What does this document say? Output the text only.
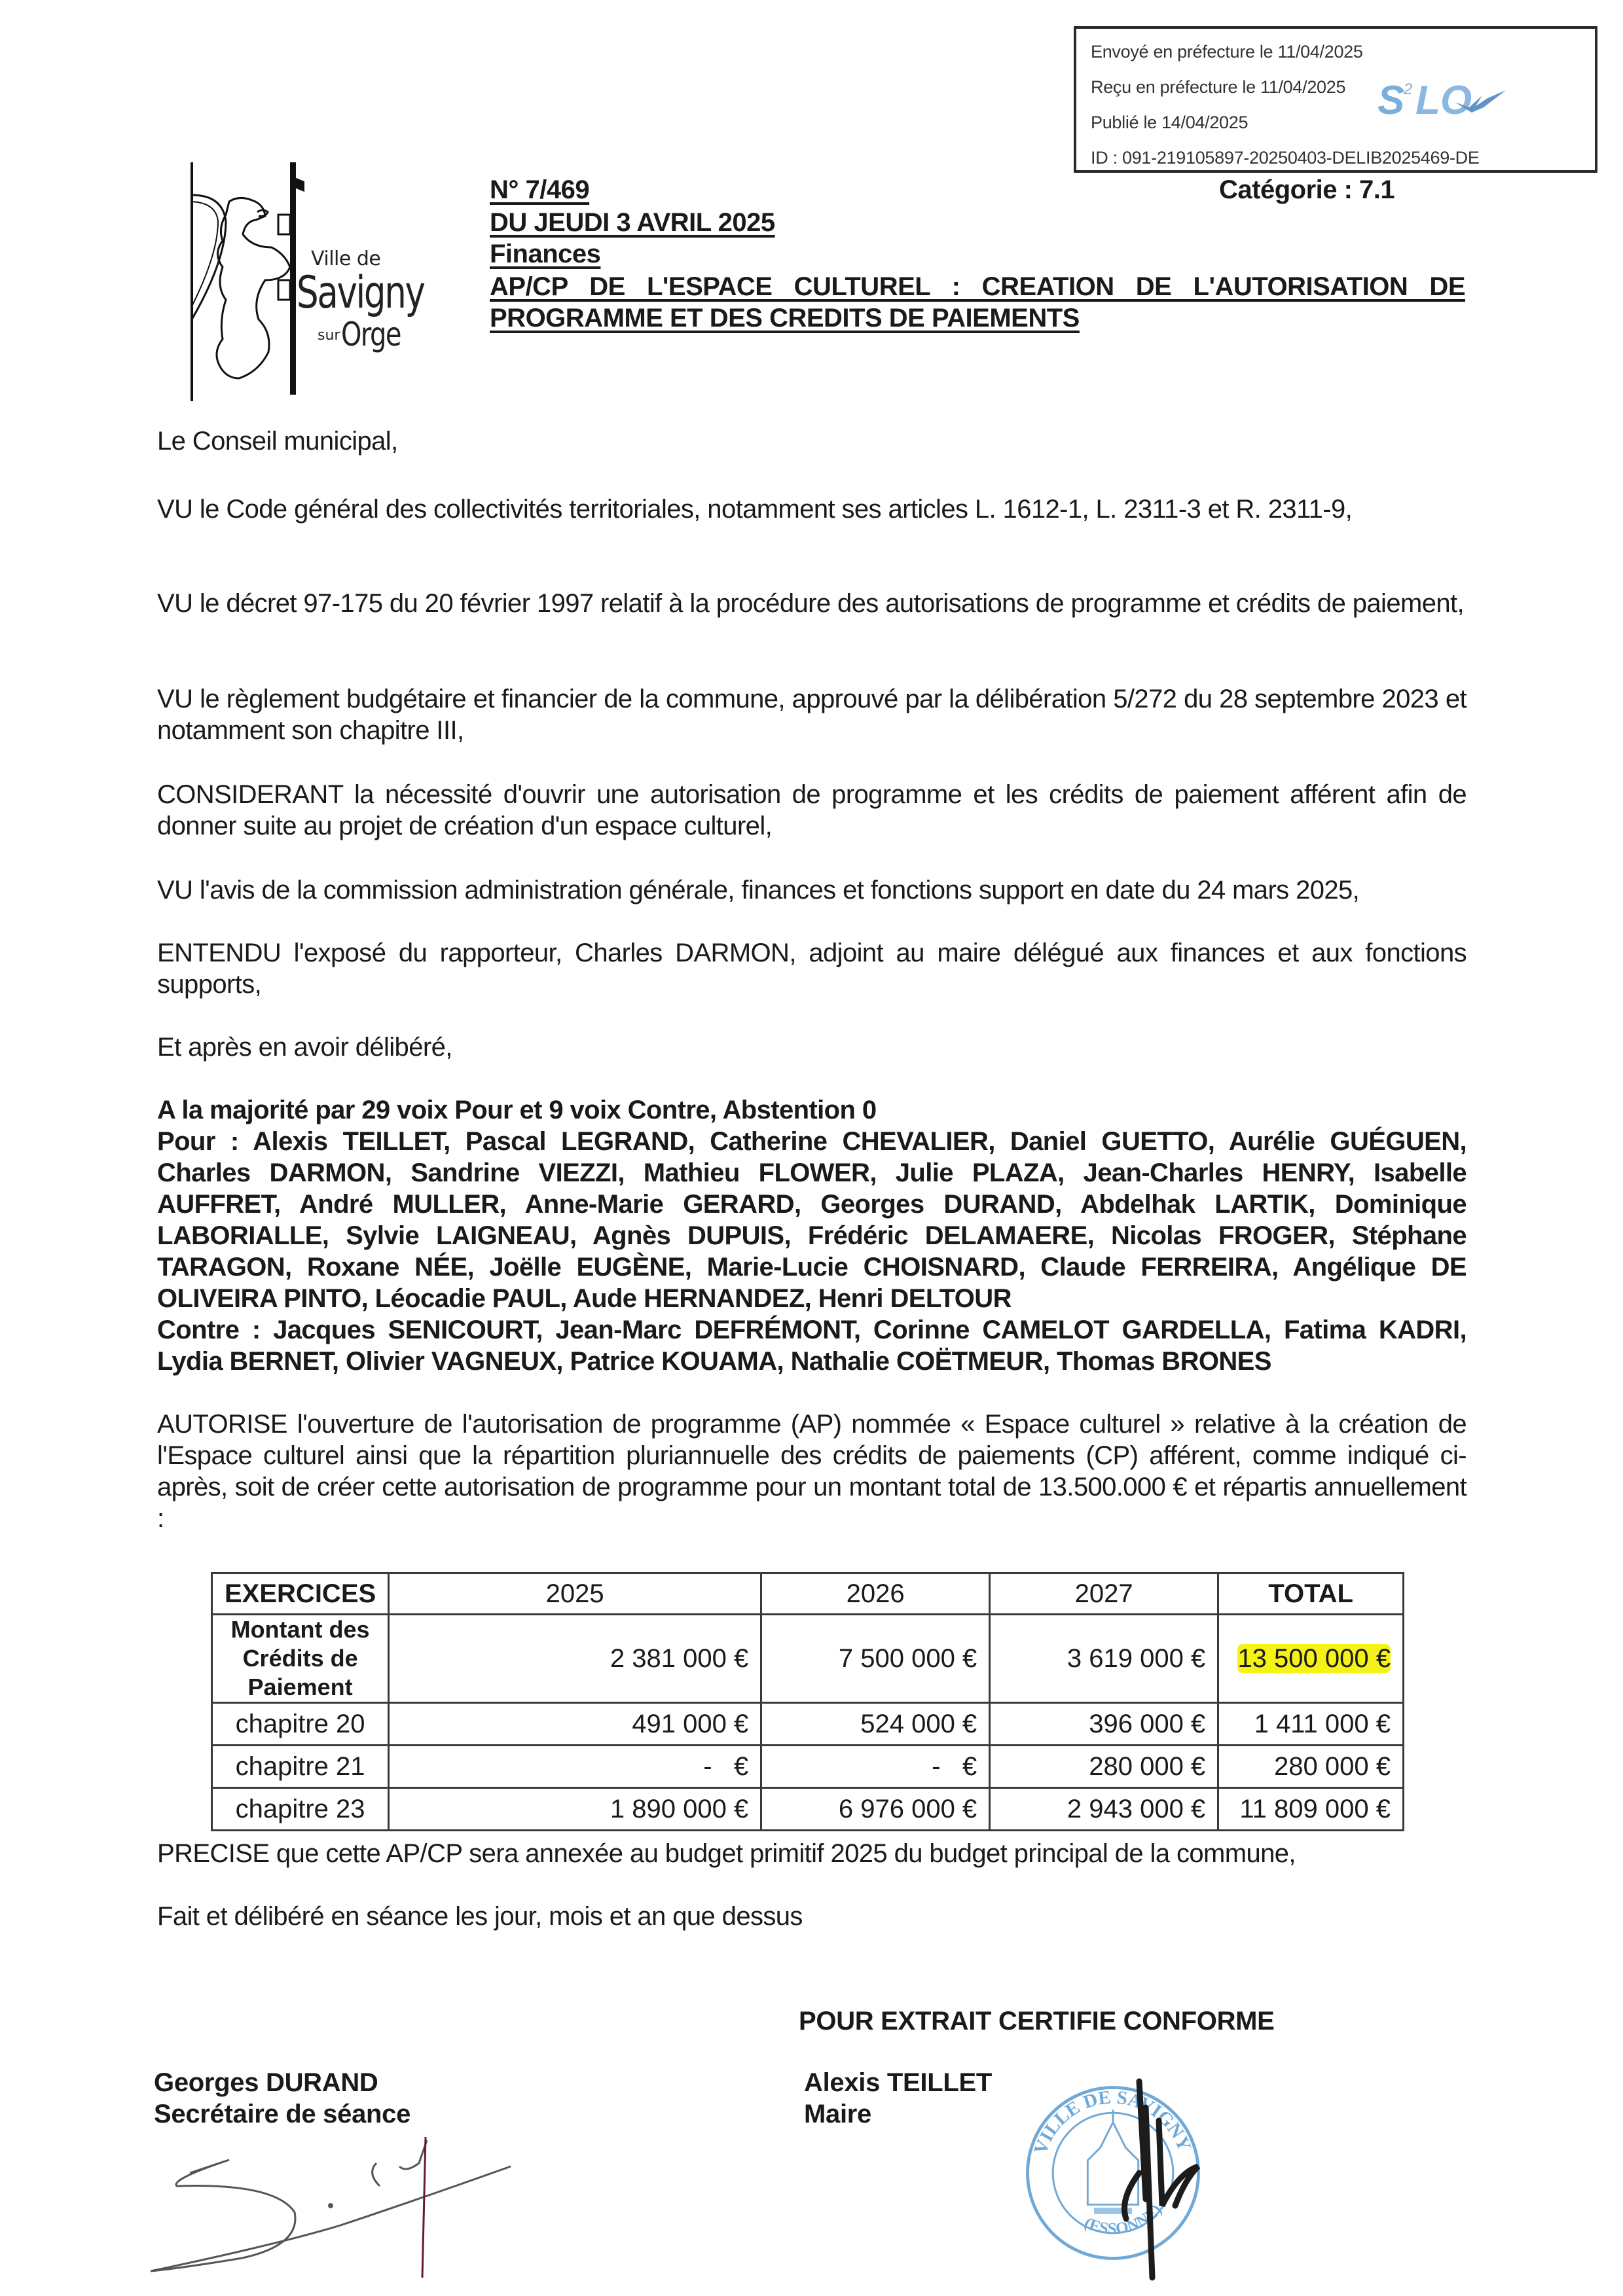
Envoyé en préfecture le 11/04/2025
Reçu en préfecture le 11/04/2025
Publié le 14/04/2025
ID : 091-219105897-20250403-DELIB2025469-DE
S
2 LO
Ville de
Savigny
sur Orge
N° 7/469	Catégorie : 7.1
DU JEUDI 3 AVRIL 2025
Finances
AP/CP DE L'ESPACE CULTUREL : CREATION DE L'AUTORISATION DE PROGRAMME ET DES CREDITS DE PAIEMENTS
Le Conseil municipal,
VU le Code général des collectivités territoriales, notamment ses articles L. 1612-1, L. 2311-3 et R. 2311-9,
VU le décret 97-175 du 20 février 1997 relatif à la procédure des autorisations de programme et crédits de paiement,
VU le règlement budgétaire et financier de la commune, approuvé par la délibération 5/272 du 28 septembre 2023 et notamment son chapitre III,
CONSIDERANT la nécessité d'ouvrir une autorisation de programme et les crédits de paiement afférent afin de donner suite au projet de création d'un espace culturel,
VU l'avis de la commission administration générale, finances et fonctions support en date du 24 mars 2025,
ENTENDU l'exposé du rapporteur, Charles DARMON, adjoint au maire délégué aux finances et aux fonctions supports,
Et après en avoir délibéré,
A la majorité par 29 voix Pour et 9 voix Contre, Abstention 0
Pour : Alexis TEILLET, Pascal LEGRAND, Catherine CHEVALIER, Daniel GUETTO, Aurélie GUÉGUEN, Charles DARMON, Sandrine VIEZZI, Mathieu FLOWER, Julie PLAZA, Jean-Charles HENRY, Isabelle AUFFRET, André MULLER, Anne-Marie GERARD, Georges DURAND, Abdelhak LARTIK, Dominique LABORIALLE, Sylvie LAIGNEAU, Agnès DUPUIS, Frédéric DELAMAERE, Nicolas FROGER, Stéphane TARAGON, Roxane NÉE, Joëlle EUGÈNE, Marie-Lucie CHOISNARD, Claude FERREIRA, Angélique DE OLIVEIRA PINTO, Léocadie PAUL, Aude HERNANDEZ, Henri DELTOUR
Contre : Jacques SENICOURT, Jean-Marc DEFRÉMONT, Corinne CAMELOT GARDELLA, Fatima KADRI, Lydia BERNET, Olivier VAGNEUX, Patrice KOUAMA, Nathalie COËTMEUR, Thomas BRONES
AUTORISE l'ouverture de l'autorisation de programme (AP) nommée « Espace culturel » relative à la création de l'Espace culturel ainsi que la répartition pluriannuelle des crédits de paiements (CP) afférent, comme indiqué ci-après, soit de créer cette autorisation de programme pour un montant total de 13.500.000 € et répartis annuellement :
EXERCICES	2025	2026	2027	TOTAL
Montant des Crédits de Paiement	2 381 000 €	7 500 000 €	3 619 000 €	13 500 000 €
chapitre 20	491 000 €	524 000 €	396 000 €	1 411 000 €
chapitre 21	-   €	-   €	280 000 €	280 000 €
chapitre 23	1 890 000 €	6 976 000 €	2 943 000 €	11 809 000 €
PRECISE que cette AP/CP sera annexée au budget primitif 2025 du budget principal de la commune,
Fait et délibéré en séance les jour, mois et an que dessus
POUR EXTRAIT CERTIFIE CONFORME
Georges DURAND
Secrétaire de séance
Alexis TEILLET
Maire
VILLE DE SAVIGNY
(ESSONNE)
